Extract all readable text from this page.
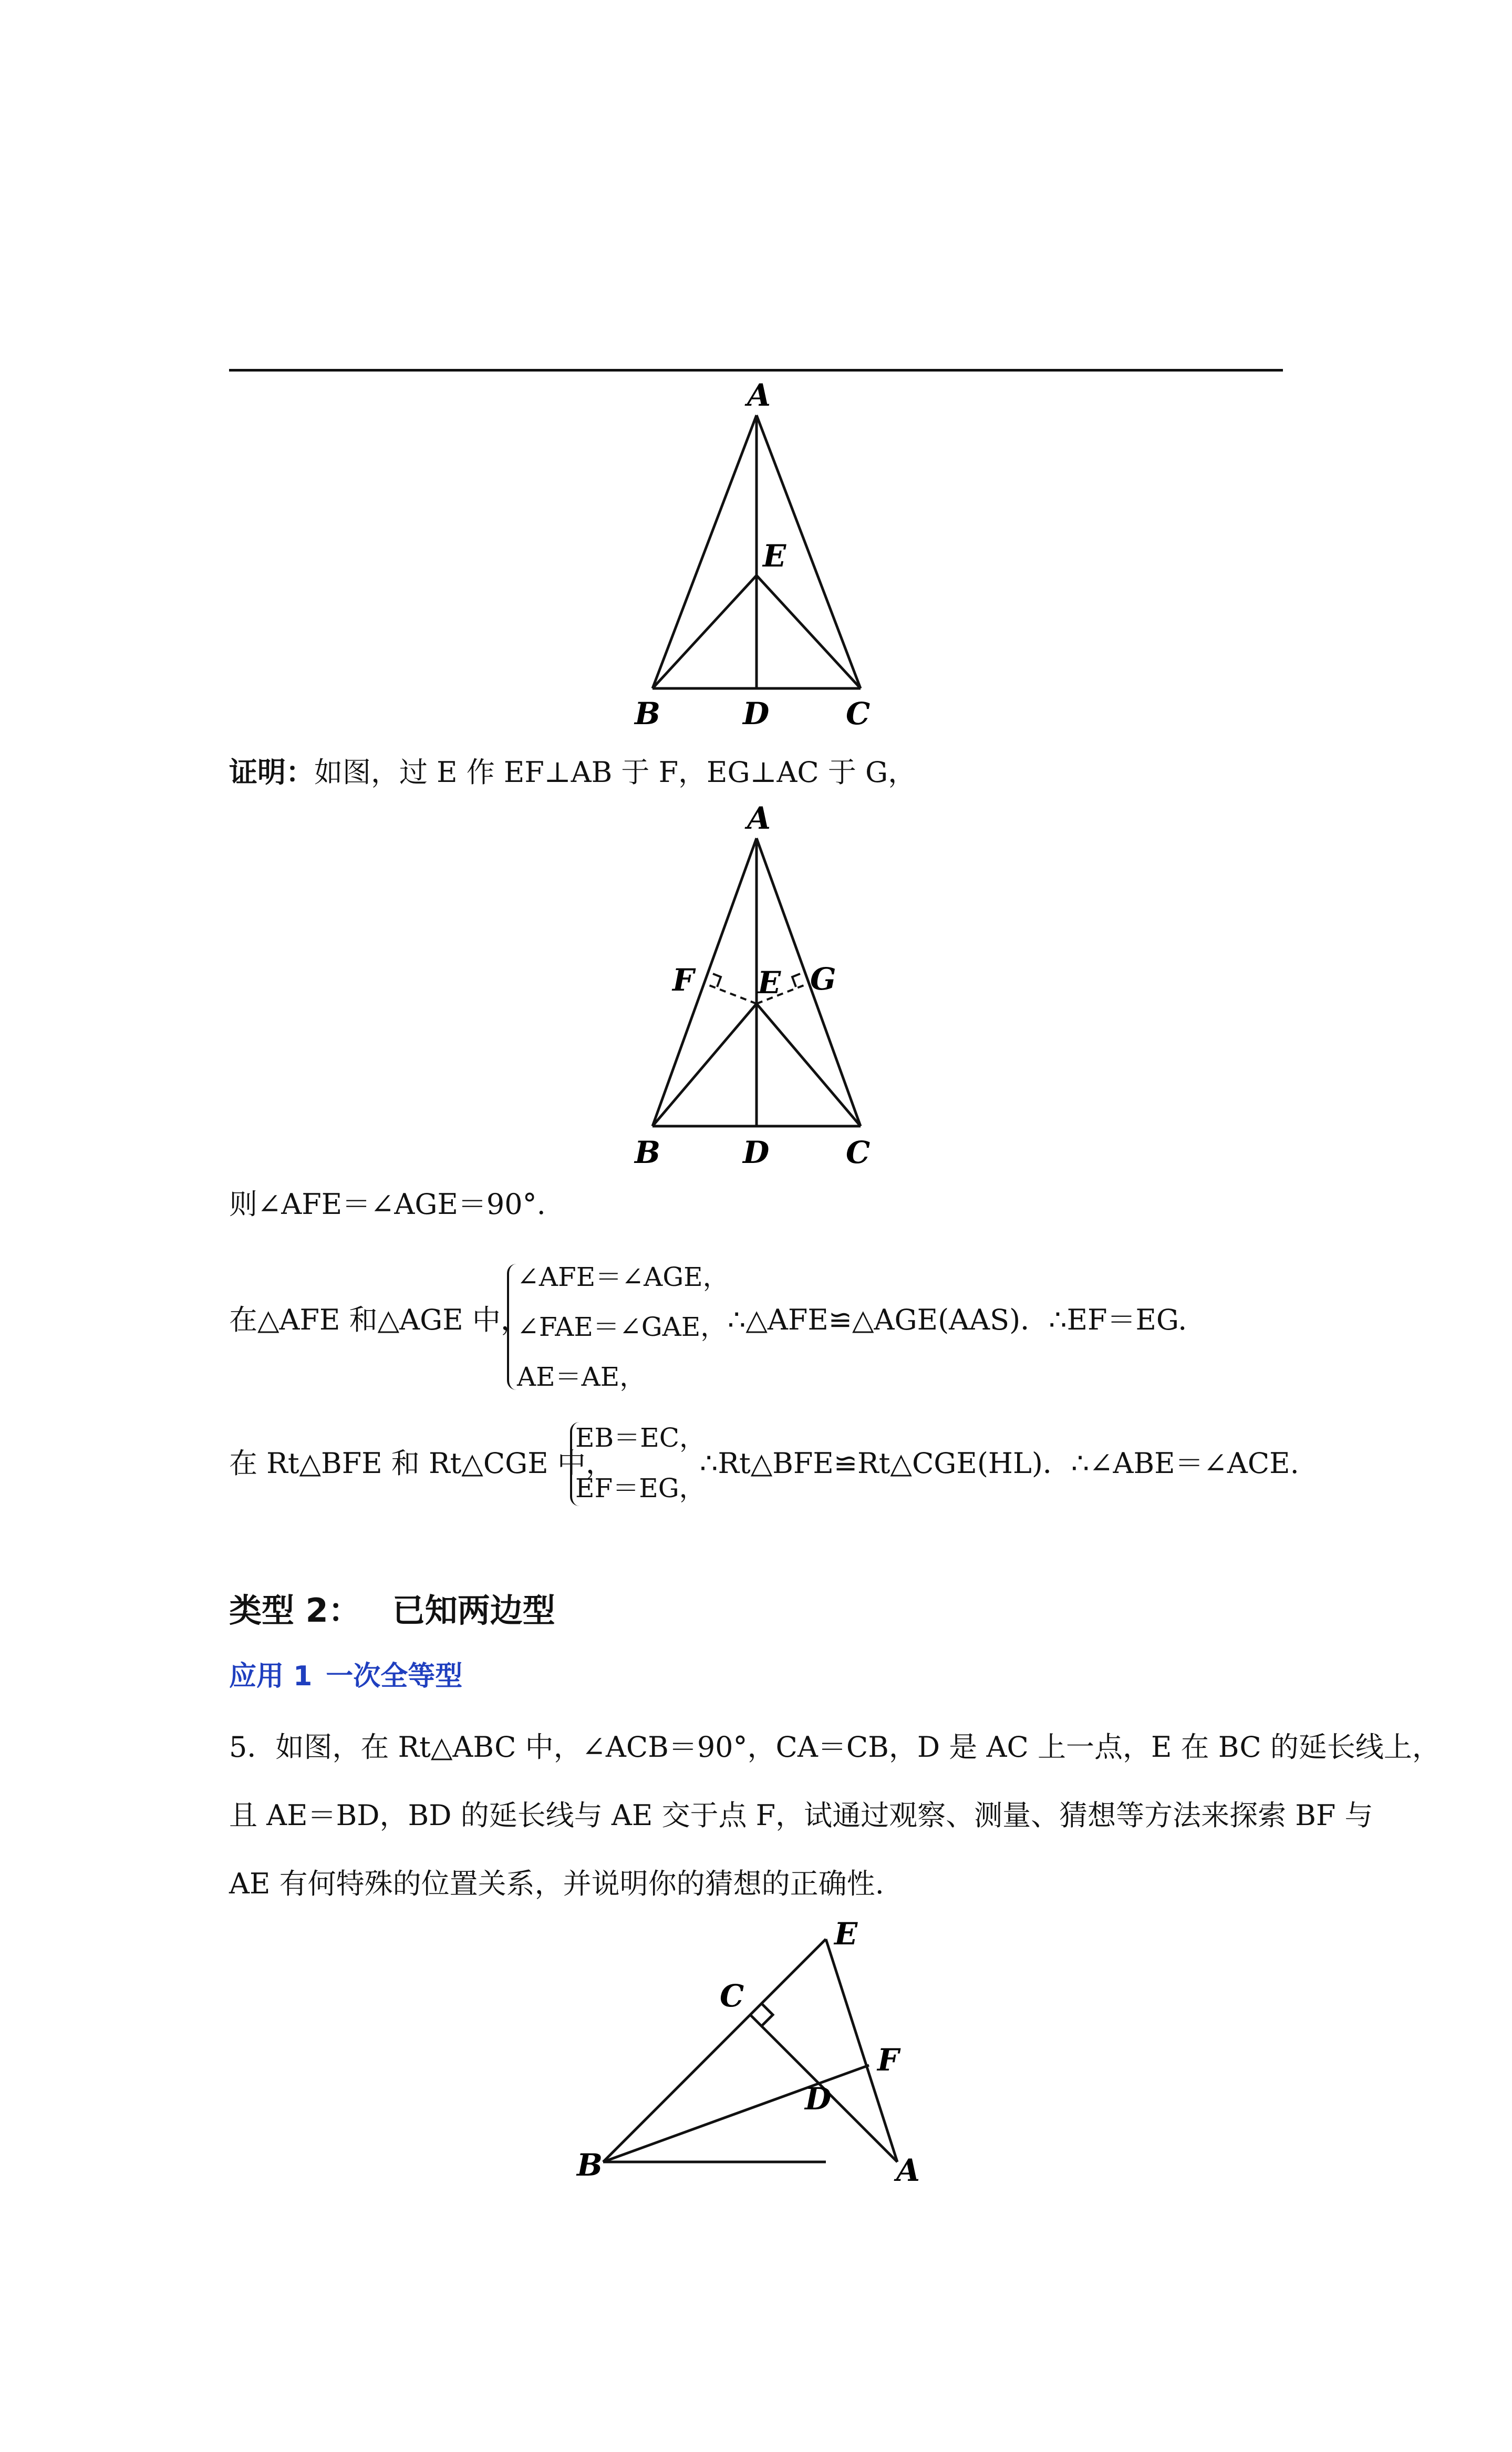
A
E
B	D	C
证明：如图，过 E 作 EF⊥AB 于 F，EG⊥AC 于 G，
A
F E G
B	D	C
则∠AFE＝∠AGE＝90°.
在△AFE 和△AGE 中，
∠AFE＝∠AGE，
∠FAE＝∠GAE，
AE＝AE，
∴△AFE≌△AGE(AAS)．∴EF＝EG.
在 Rt△BFE 和 Rt△CGE 中，
EB＝EC，
EF＝EG，
∴Rt△BFE≌Rt△CGE(HL)．∴∠ABE＝∠ACE.
类型 2： 已知两边型
应用 1 一次全等型
5．如图，在 Rt△ABC 中，∠ACB＝90°，CA＝CB，D 是 AC 上一点，E 在 BC 的延长线上，
且 AE＝BD，BD 的延长线与 AE 交于点 F，试通过观察、测量、猜想等方法来探索 BF 与
AE 有何特殊的位置关系，并说明你的猜想的正确性.
E
C
F
D
B	A
